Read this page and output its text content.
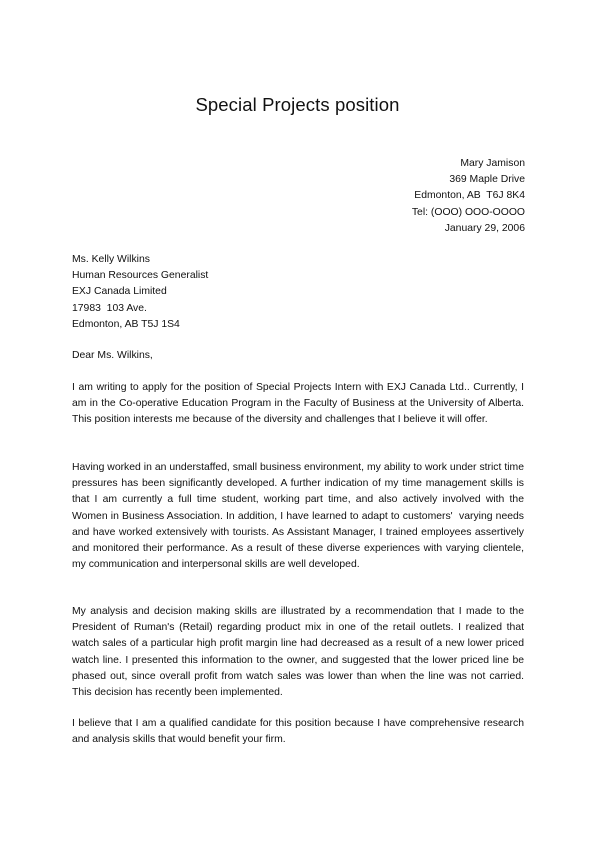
Special Projects position
Mary Jamison
369 Maple Drive
Edmonton, AB  T6J 8K4
Tel: (OOO) OOO-OOOO
January 29, 2006
Ms. Kelly Wilkins
Human Resources Generalist
EXJ Canada Limited
17983  103 Ave.
Edmonton, AB T5J 1S4
Dear Ms. Wilkins,
I am writing to apply for the position of Special Projects Intern with EXJ Canada Ltd.. Currently, I am in the Co-operative Education Program in the Faculty of Business at the University of Alberta. This position interests me because of the diversity and challenges that I believe it will offer.
Having worked in an understaffed, small business environment, my ability to work under strict time pressures has been significantly developed. A further indication of my time management skills is that I am currently a full time student, working part time, and also actively involved with the Women in Business Association. In addition, I have learned to adapt to customers'  varying needs and have worked extensively with tourists. As Assistant Manager, I trained employees assertively and monitored their performance. As a result of these diverse experiences with varying clientele, my communication and interpersonal skills are well developed.
My analysis and decision making skills are illustrated by a recommendation that I made to the President of Ruman's (Retail) regarding product mix in one of the retail outlets. I realized that watch sales of a particular high profit margin line had decreased as a result of a new lower priced watch line. I presented this information to the owner, and suggested that the lower priced line be phased out, since overall profit from watch sales was lower than when the line was not carried. This decision has recently been implemented.
I believe that I am a qualified candidate for this position because I have comprehensive research and analysis skills that would benefit your firm.
